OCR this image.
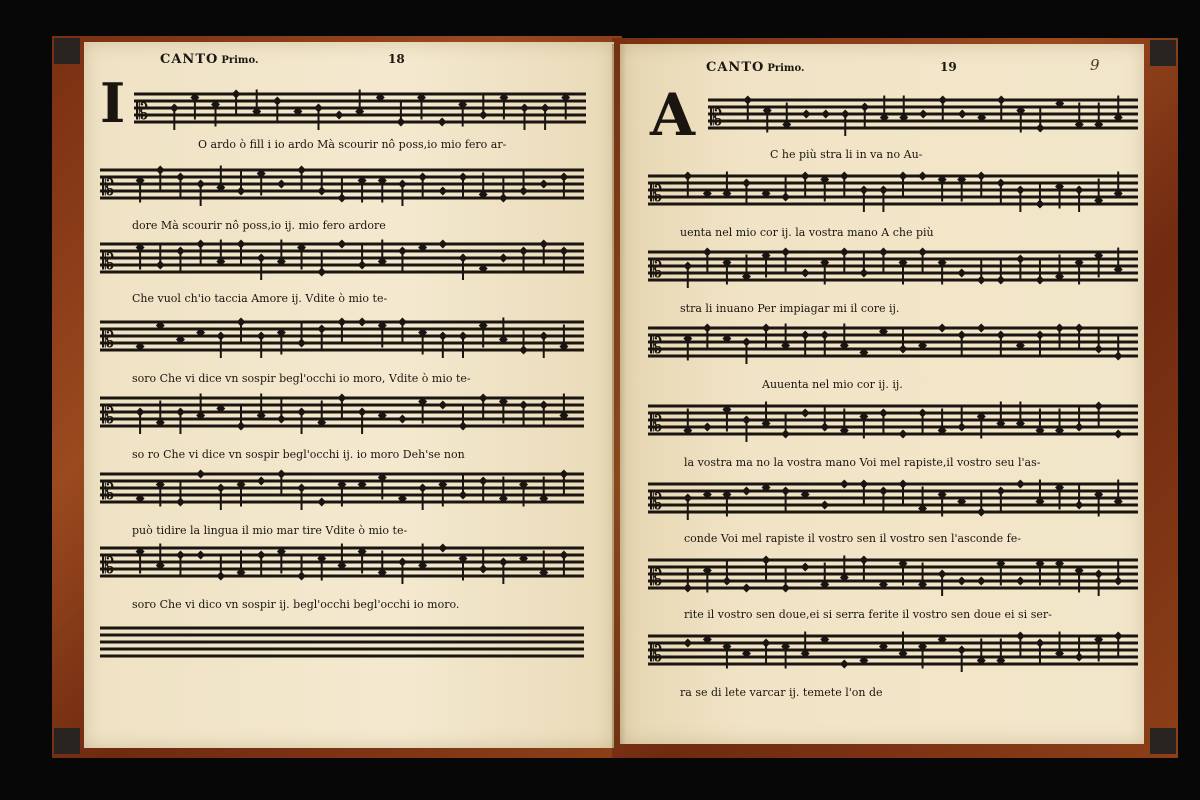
CANTO Primo.	18
I
CANTO Primo.	19	9
A
O ardo ò fill i io ardo Mà scourir nô poss,io mio fero ar-
dore Mà scourir nô poss,io ij. mio fero ardore
Che vuol ch'io taccia Amore ij. Vdite ò mio te-
soro Che vi dice vn sospir begl'occhi io moro, Vdite ò mio te-
so ro Che vi dice vn sospir begl'occhi ij. io moro Deh'se non
può tidire la lingua il mio mar tire Vdite ò mio te-
soro Che vi dico vn sospir ij. begl'occhi begl'occhi io moro.
C he più stra li in va no Au-
uenta nel mio cor ij. la vostra mano A che più
stra li inuano Per impiagar mi il core ij.
Auuenta nel mio cor ij. ij.
la vostra ma no la vostra mano Voi mel rapiste,il vostro seu l'as-
conde Voi mel rapiste il vostro sen il vostro sen l'asconde fe-
rite il vostro sen doue,ei si serra ferite il vostro sen doue ei si ser-
ra se di lete varcar ij. temete l'on de
𝄡
𝄡
𝄡
𝄡
𝄡
𝄡
𝄡
𝄡
𝄡
𝄡
𝄡
𝄡
𝄡
𝄡
𝄡
